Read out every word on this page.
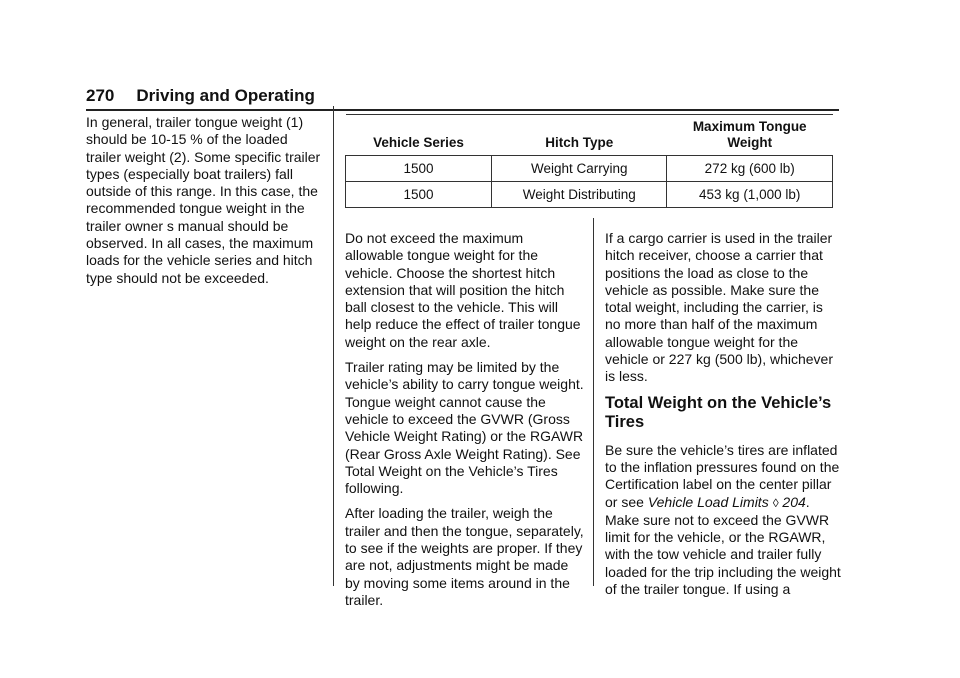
270 Driving and Operating

In general, trailer tongue weight (1) should be 10-15 % of the loaded trailer weight (2). Some specific trailer types (especially boat trailers) fall outside of this range. In this case, the recommended tongue weight in the trailer owner s manual should be observed. In all cases, the maximum loads for the vehicle series and hitch type should not be exceeded.

Vehicle Series	Hitch Type	Maximum Tongue Weight
1500	Weight Carrying	272 kg (600 lb)
1500	Weight Distributing	453 kg (1,000 lb)

Do not exceed the maximum allowable tongue weight for the vehicle. Choose the shortest hitch extension that will position the hitch ball closest to the vehicle. This will help reduce the effect of trailer tongue weight on the rear axle.

Trailer rating may be limited by the vehicle’s ability to carry tongue weight. Tongue weight cannot cause the vehicle to exceed the GVWR (Gross Vehicle Weight Rating) or the RGAWR (Rear Gross Axle Weight Rating). See Total Weight on the Vehicle’s Tires following.

After loading the trailer, weigh the trailer and then the tongue, separately, to see if the weights are proper. If they are not, adjustments might be made by moving some items around in the trailer.

If a cargo carrier is used in the trailer hitch receiver, choose a carrier that positions the load as close to the vehicle as possible. Make sure the total weight, including the carrier, is no more than half of the maximum allowable tongue weight for the vehicle or 227 kg (500 lb), whichever is less.

Total Weight on the Vehicle’s Tires

Be sure the vehicle’s tires are inflated to the inflation pressures found on the Certification label on the center pillar or see Vehicle Load Limits ◊ 204. Make sure not to exceed the GVWR limit for the vehicle, or the RGAWR, with the tow vehicle and trailer fully loaded for the trip including the weight of the trailer tongue. If using a
